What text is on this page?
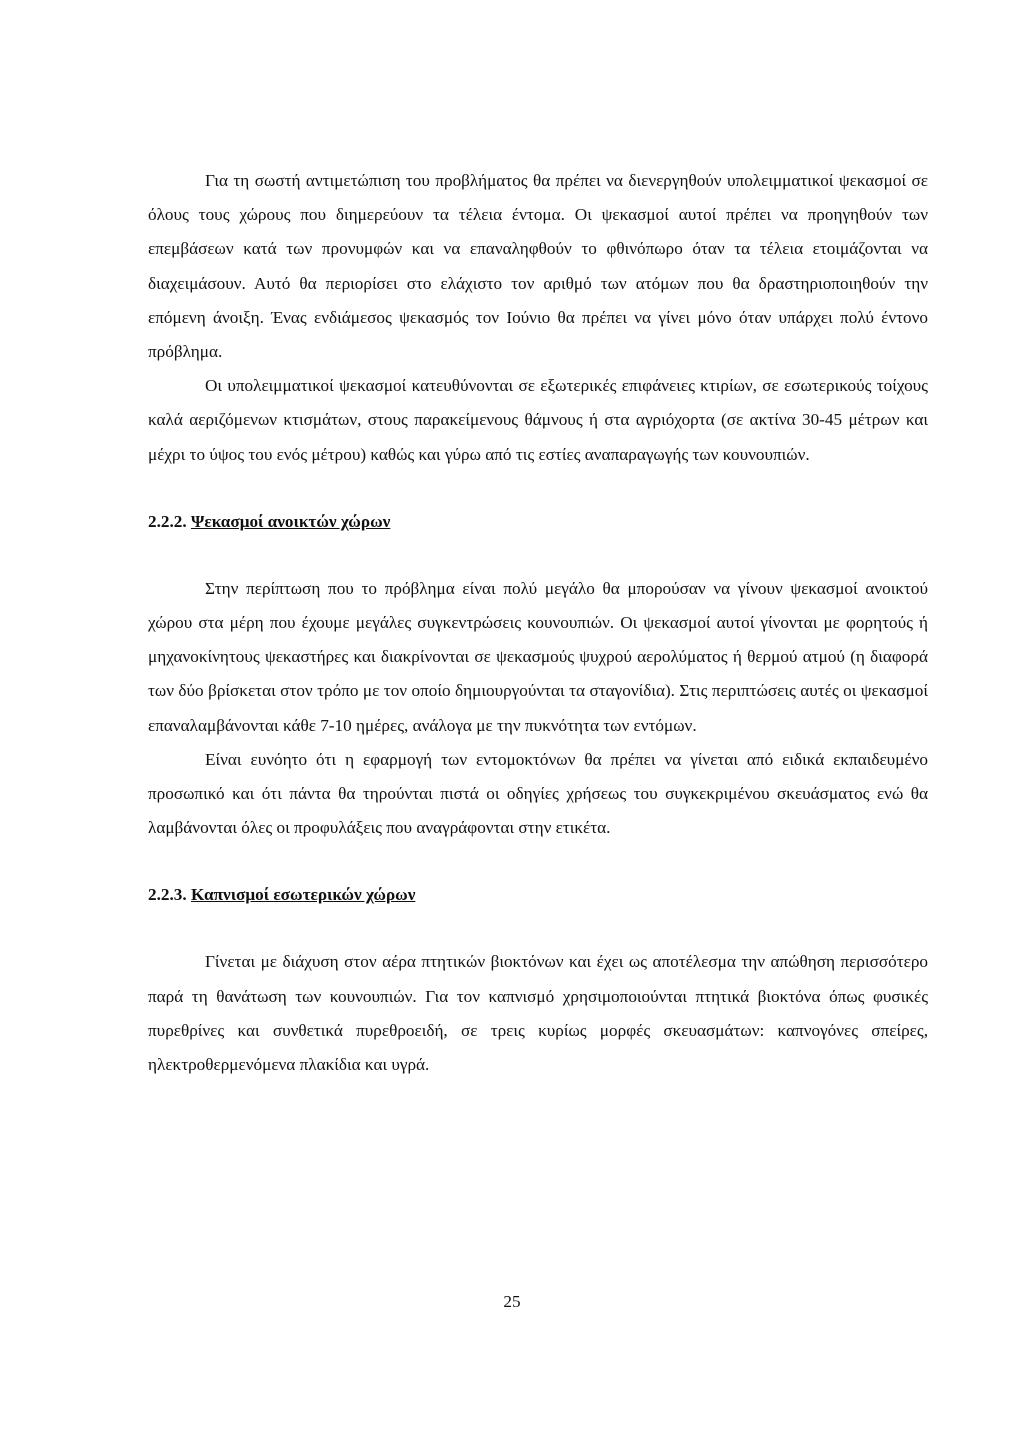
Για τη σωστή αντιμετώπιση του προβλήματος θα πρέπει να διενεργηθούν υπολειμματικοί ψεκασμοί σε όλους τους χώρους που διημερεύουν τα τέλεια έντομα. Οι ψεκασμοί αυτοί πρέπει να προηγηθούν των επεμβάσεων κατά των προνυμφών και να επαναληφθούν το φθινόπωρο όταν τα τέλεια ετοιμάζονται να διαχειμάσουν. Αυτό θα περιορίσει στο ελάχιστο τον αριθμό των ατόμων που θα δραστηριοποιηθούν την επόμενη άνοιξη. Ένας ενδιάμεσος ψεκασμός τον Ιούνιο θα πρέπει να γίνει μόνο όταν υπάρχει πολύ έντονο πρόβλημα.

Οι υπολειμματικοί ψεκασμοί κατευθύνονται σε εξωτερικές επιφάνειες κτιρίων, σε εσωτερικούς τοίχους καλά αεριζόμενων κτισμάτων, στους παρακείμενους θάμνους ή στα αγριόχορτα (σε ακτίνα 30-45 μέτρων και μέχρι το ύψος του ενός μέτρου) καθώς και γύρω από τις εστίες αναπαραγωγής των κουνουπιών.

2.2.2. Ψεκασμοί ανοικτών χώρων

Στην περίπτωση που το πρόβλημα είναι πολύ μεγάλο θα μπορούσαν να γίνουν ψεκασμοί ανοικτού χώρου στα μέρη που έχουμε μεγάλες συγκεντρώσεις κουνουπιών. Οι ψεκασμοί αυτοί γίνονται με φορητούς ή μηχανοκίνητους ψεκαστήρες και διακρίνονται σε ψεκασμούς ψυχρού αερολύματος ή θερμού ατμού (η διαφορά των δύο βρίσκεται στον τρόπο με τον οποίο δημιουργούνται τα σταγονίδια). Στις περιπτώσεις αυτές οι ψεκασμοί επαναλαμβάνονται κάθε 7-10 ημέρες, ανάλογα με την πυκνότητα των εντόμων.

Είναι ευνόητο ότι η εφαρμογή των εντομοκτόνων θα πρέπει να γίνεται από ειδικά εκπαιδευμένο προσωπικό και ότι πάντα θα τηρούνται πιστά οι οδηγίες χρήσεως του συγκεκριμένου σκευάσματος ενώ θα λαμβάνονται όλες οι προφυλάξεις που αναγράφονται στην ετικέτα.

2.2.3. Καπνισμοί εσωτερικών χώρων

Γίνεται με διάχυση στον αέρα πτητικών βιοκτόνων και έχει ως αποτέλεσμα την απώθηση περισσότερο παρά τη θανάτωση των κουνουπιών. Για τον καπνισμό χρησιμοποιούνται πτητικά βιοκτόνα όπως φυσικές πυρεθρίνες και συνθετικά πυρεθροειδή, σε τρεις κυρίως μορφές σκευασμάτων: καπνογόνες σπείρες, ηλεκτροθερμενόμενα πλακίδια και υγρά.

25
